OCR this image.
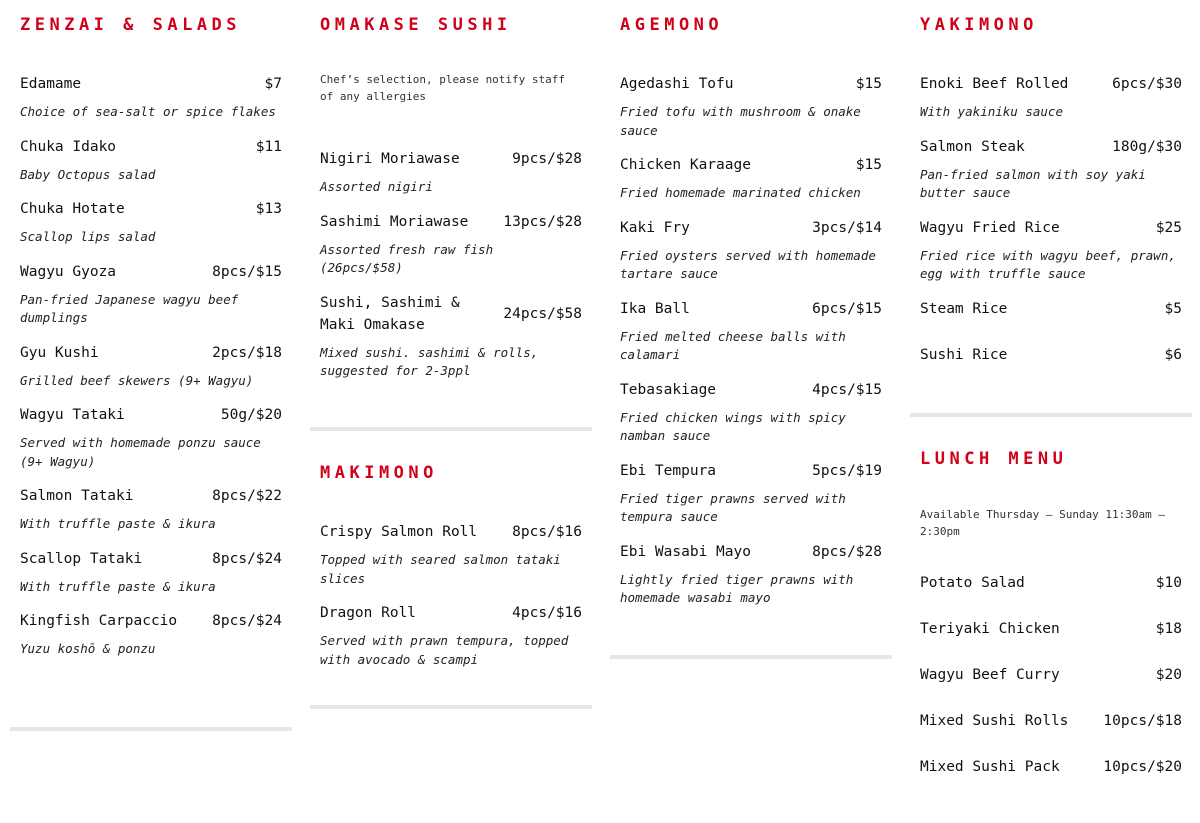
ZENZAI & SALADS
Edamame	$7
Choice of sea-salt or spice flakes
Chuka Idako	$11
Baby Octopus salad
Chuka Hotate	$13
Scallop lips salad
Wagyu Gyoza	8pcs/$15
Pan-fried Japanese wagyu beef dumplings
Gyu Kushi	2pcs/$18
Grilled beef skewers (9+ Wagyu)
Wagyu Tataki	50g/$20
Served with homemade ponzu sauce (9+ Wagyu)
Salmon Tataki	8pcs/$22
With truffle paste & ikura
Scallop Tataki	8pcs/$24
With truffle paste & ikura
Kingfish Carpaccio	8pcs/$24
Yuzu koshō & ponzu
OMAKASE SUSHI
Chef’s selection, please notify staff of any allergies
Nigiri Moriawase	9pcs/$28
Assorted nigiri
Sashimi Moriawase	13pcs/$28
Assorted fresh raw fish (26pcs/$58)
Sushi, Sashimi & Maki Omakase
24pcs/$58
Mixed sushi. sashimi & rolls, suggested for 2-3ppl
MAKIMONO
Crispy Salmon Roll	8pcs/$16
Topped with seared salmon tataki slices
Dragon Roll	4pcs/$16
Served with prawn tempura, topped with avocado & scampi
AGEMONO
Agedashi Tofu	$15
Fried tofu with mushroom & onake sauce
Chicken Karaage	$15
Fried homemade marinated chicken
Kaki Fry	3pcs/$14
Fried oysters served with homemade tartare sauce
Ika Ball	6pcs/$15
Fried melted cheese balls with calamari
Tebasakiage	4pcs/$15
Fried chicken wings with spicy namban sauce
Ebi Tempura	5pcs/$19
Fried tiger prawns served with tempura sauce
Ebi Wasabi Mayo	8pcs/$28
Lightly fried tiger prawns with homemade wasabi mayo
YAKIMONO
Enoki Beef Rolled	6pcs/$30
With yakiniku sauce
Salmon Steak	180g/$30
Pan-fried salmon with soy yaki butter sauce
Wagyu Fried Rice	$25
Fried rice with wagyu beef, prawn, egg with truffle sauce
Steam Rice	$5
Sushi Rice	$6
LUNCH MENU
Available Thursday – Sunday 11:30am – 2:30pm
Potato Salad	$10
Teriyaki Chicken	$18
Wagyu Beef Curry	$20
Mixed Sushi Rolls	10pcs/$18
Mixed Sushi Pack	10pcs/$20
